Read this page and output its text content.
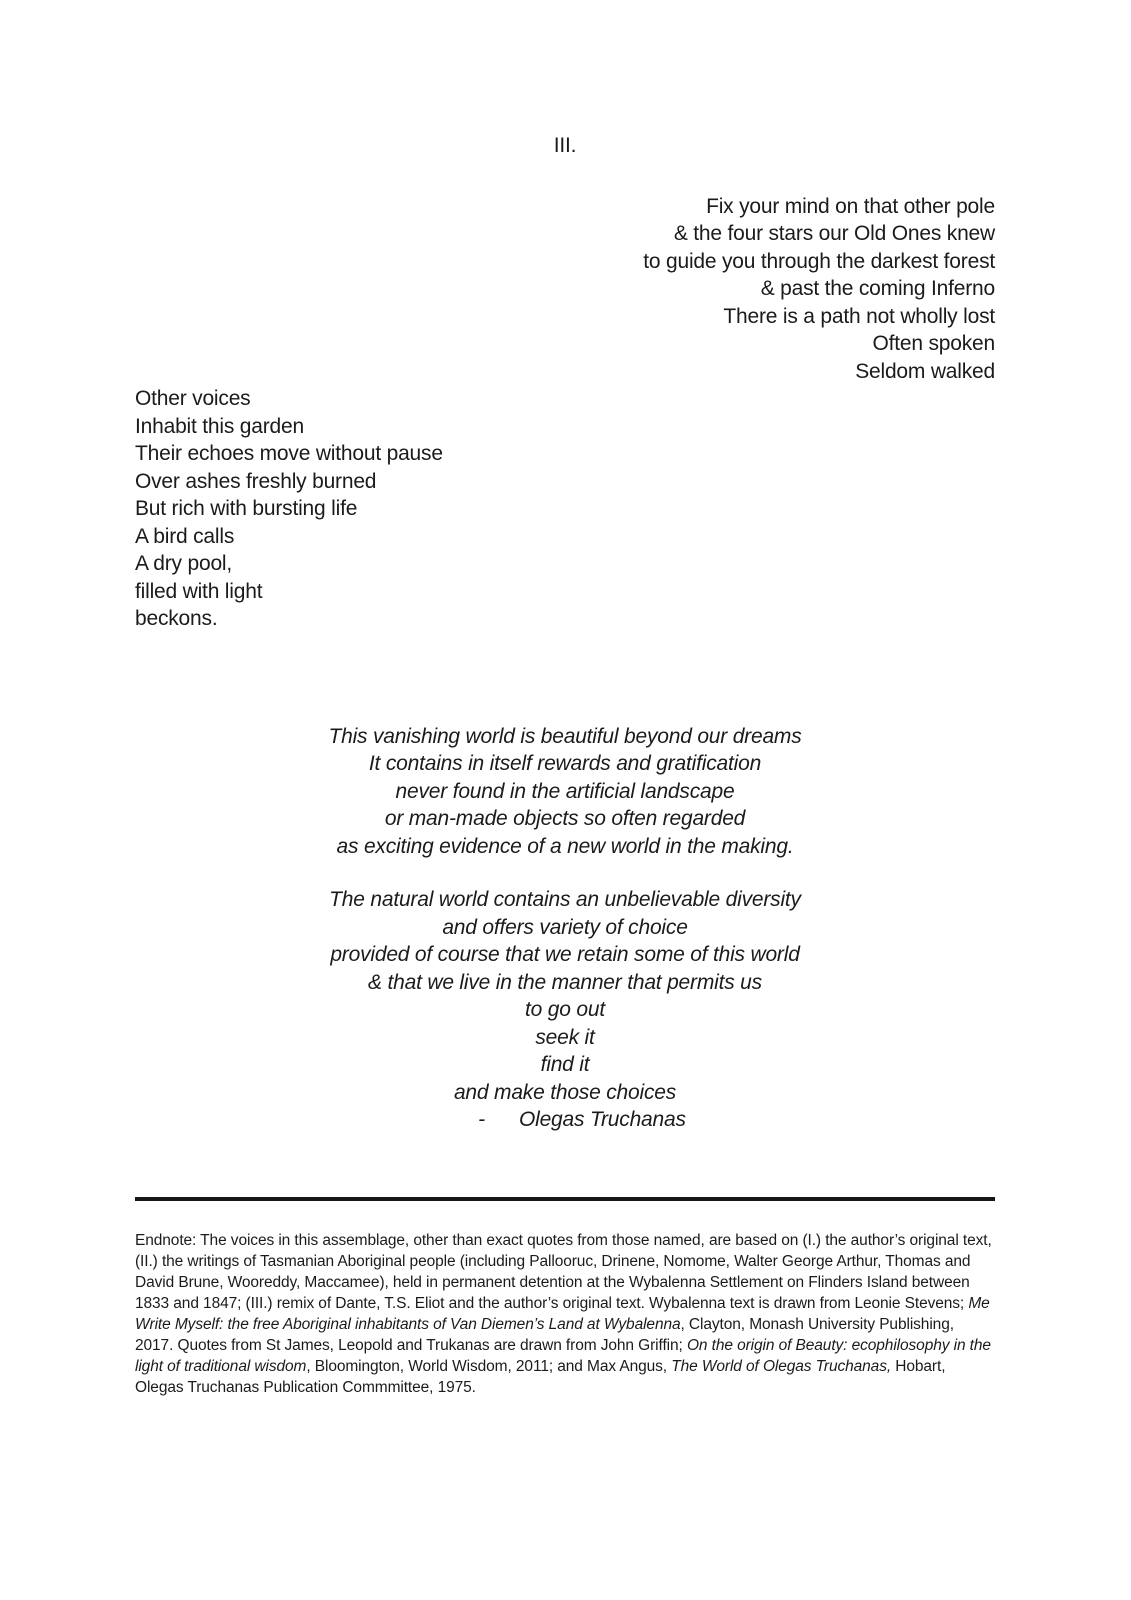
III.
Fix your mind on that other pole
& the four stars our Old Ones knew
to guide you through the darkest forest
& past the coming Inferno
There is a path not wholly lost
Often spoken
Seldom walked
Other voices
Inhabit this garden
Their echoes move without pause
Over ashes freshly burned
But rich with bursting life
A bird calls
A dry pool,
filled with light
beckons.
This vanishing world is beautiful beyond our dreams
It contains in itself rewards and gratification
never found in the artificial landscape
or man-made objects so often regarded
as exciting evidence of a new world in the making.
The natural world contains an unbelievable diversity
and offers variety of choice
provided of course that we retain some of this world
& that we live in the manner that permits us
to go out
seek it
find it
and make those choices
- Olegas Truchanas

Endnote: The voices in this assemblage, other than exact quotes from those named, are based on (I.) the author’s original text,  (II.) the writings of Tasmanian Aboriginal people (including Pallooruc, Drinene, Nomome, Walter George Arthur, Thomas and David Brune, Wooreddy, Maccamee), held in permanent detention at the Wybalenna Settlement on Flinders Island between 1833 and 1847; (III.) remix of Dante, T.S. Eliot and the author’s original text. Wybalenna text is drawn from Leonie Stevens; Me Write Myself: the free Aboriginal inhabitants of Van Diemen’s Land at Wybalenna, Clayton, Monash University Publishing, 2017. Quotes from St James, Leopold and Trukanas are drawn from John Griffin; On the origin of Beauty: ecophilosophy in the light of traditional wisdom, Bloomington, World Wisdom, 2011; and Max Angus, The World of Olegas Truchanas, Hobart, Olegas Truchanas Publication Commmittee, 1975.
